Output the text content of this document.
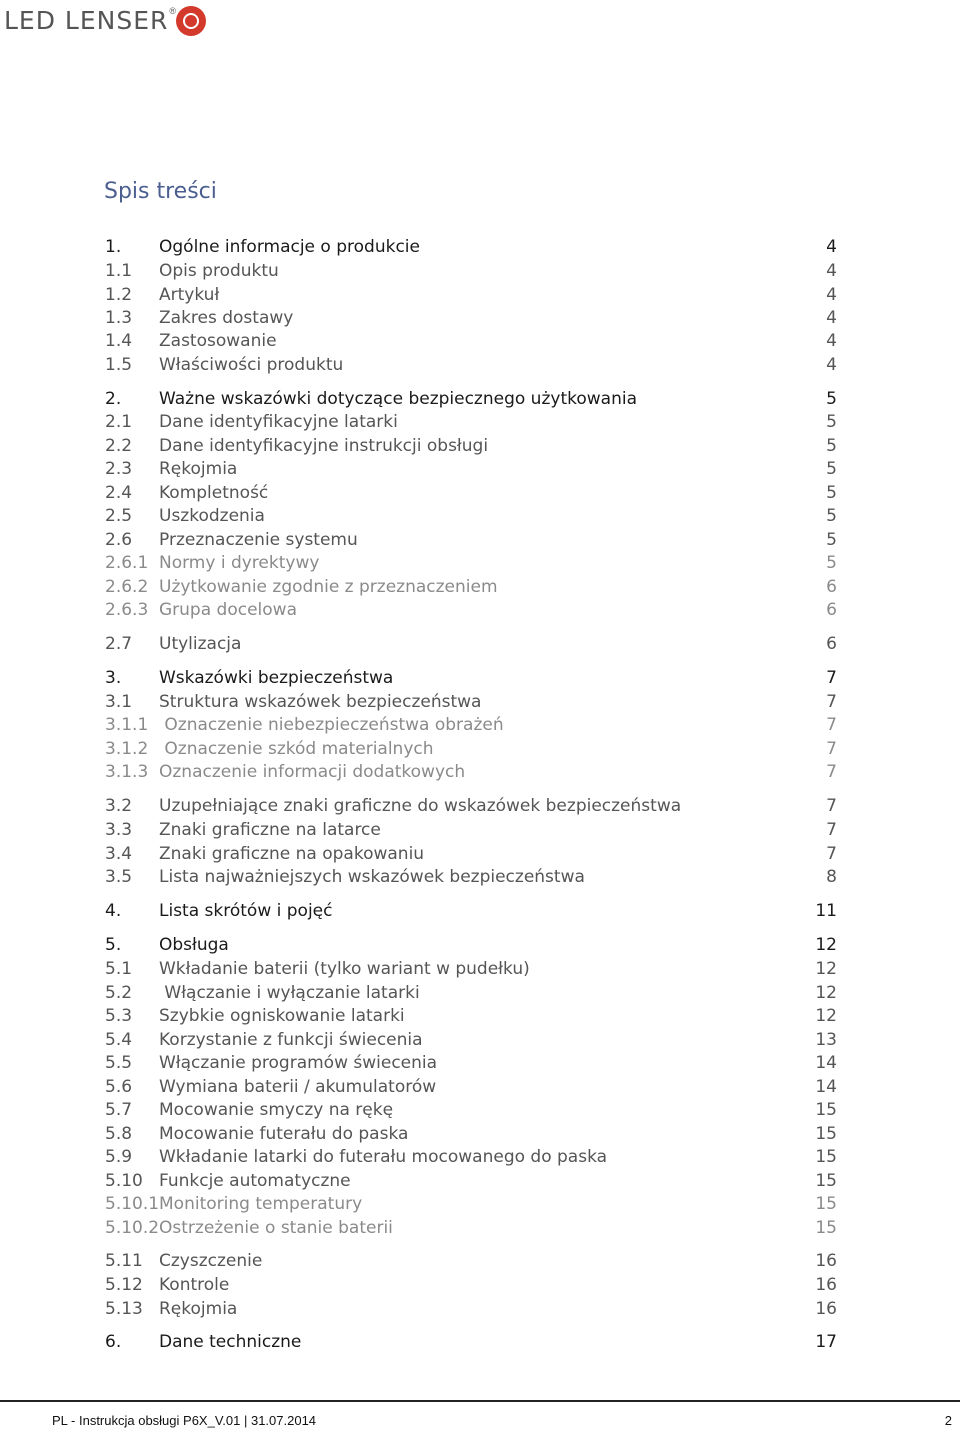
LED LENSER ®
Spis treści
1. Ogólne informacje o produkcie	4
1.1 Opis produktu	4
1.2 Artykuł	4
1.3 Zakres dostawy	4
1.4 Zastosowanie	4
1.5 Właściwości produktu	4
2. Ważne wskazówki dotyczące bezpiecznego użytkowania	5
2.1 Dane identyfikacyjne latarki	5
2.2 Dane identyfikacyjne instrukcji obsługi	5
2.3 Rękojmia	5
2.4 Kompletność	5
2.5 Uszkodzenia	5
2.6 Przeznaczenie systemu	5
2.6.1 Normy i dyrektywy	5
2.6.2 Użytkowanie zgodnie z przeznaczeniem	6
2.6.3 Grupa docelowa	6
2.7 Utylizacja	6
3. Wskazówki bezpieczeństwa	7
3.1 Struktura wskazówek bezpieczeństwa	7
3.1.1 Oznaczenie niebezpieczeństwa obrażeń	7
3.1.2 Oznaczenie szkód materialnych	7
3.1.3 Oznaczenie informacji dodatkowych	7
3.2 Uzupełniające znaki graficzne do wskazówek bezpieczeństwa	7
3.3 Znaki graficzne na latarce	7
3.4 Znaki graficzne na opakowaniu	7
3.5 Lista najważniejszych wskazówek bezpieczeństwa	8
4. Lista skrótów i pojęć	11
5. Obsługa	12
5.1 Wkładanie baterii (tylko wariant w pudełku)	12
5.2 Włączanie i wyłączanie latarki	12
5.3 Szybkie ogniskowanie latarki	12
5.4 Korzystanie z funkcji świecenia	13
5.5 Włączanie programów świecenia	14
5.6 Wymiana baterii / akumulatorów	14
5.7 Mocowanie smyczy na rękę	15
5.8 Mocowanie futerału do paska	15
5.9 Wkładanie latarki do futerału mocowanego do paska	15
5.10 Funkcje automatyczne	15
5.10.1 Monitoring temperatury	15
5.10.2 Ostrzeżenie o stanie baterii	15
5.11 Czyszczenie	16
5.12 Kontrole	16
5.13 Rękojmia	16
6. Dane techniczne	17
PL - Instrukcja obsługi P6X_V.01 | 31.07.2014	2
